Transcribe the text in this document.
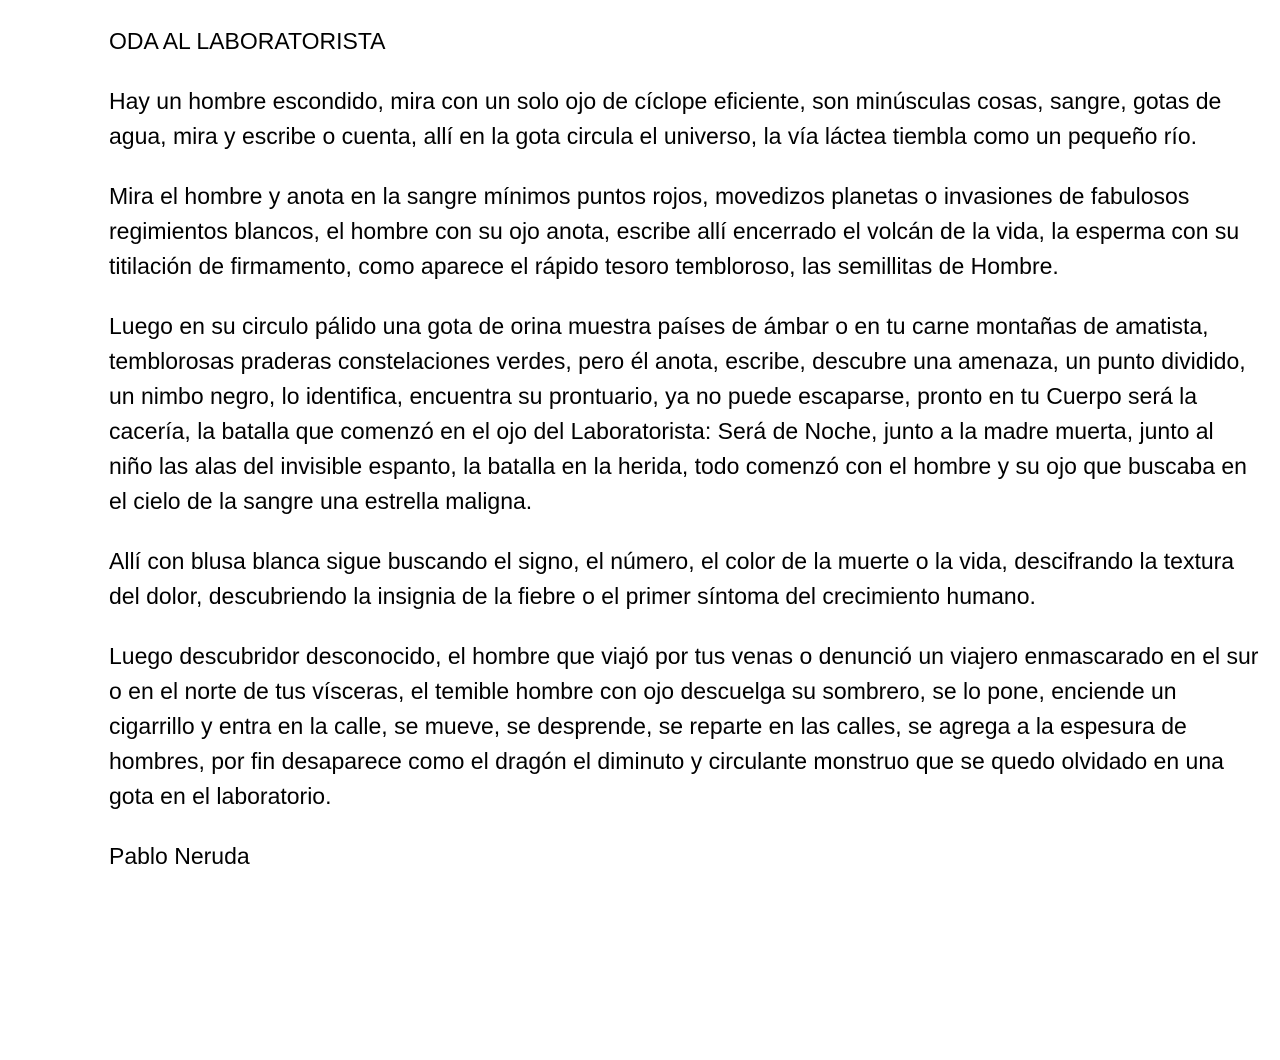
ODA AL LABORATORISTA

Hay un hombre escondido, mira con un solo ojo de cíclope eficiente, son minúsculas cosas, sangre, gotas de agua, mira y escribe o cuenta, allí en la gota circula el universo, la vía láctea tiembla como un pequeño río.

Mira el hombre y anota en la sangre mínimos puntos rojos, movedizos planetas o invasiones de fabulosos regimientos blancos, el hombre con su ojo anota, escribe allí encerrado el volcán de la vida, la esperma con su titilación de firmamento, como aparece el rápido tesoro tembloroso, las semillitas de Hombre.

Luego en su circulo pálido una gota de orina muestra países de ámbar o en tu carne montañas de amatista, temblorosas praderas constelaciones verdes, pero él anota, escribe, descubre una amenaza, un punto dividido, un nimbo negro, lo identifica, encuentra su prontuario, ya no puede escaparse, pronto en tu Cuerpo será la cacería, la batalla que comenzó en el ojo del Laboratorista: Será de Noche, junto a la madre muerta, junto al niño las alas del invisible espanto, la batalla en la herida, todo comenzó con el hombre y su ojo que buscaba en el cielo de la sangre una estrella maligna.

Allí con blusa blanca sigue buscando el signo, el número, el color de la muerte o la vida, descifrando la textura del dolor, descubriendo la insignia de la fiebre o el primer síntoma del crecimiento humano.

Luego descubridor desconocido, el hombre que viajó por tus venas o denunció un viajero enmascarado en el sur o en el norte de tus vísceras, el temible hombre con ojo descuelga su sombrero, se lo pone, enciende un cigarrillo y entra en la calle, se mueve, se desprende, se reparte en las calles, se agrega a la espesura de hombres, por fin desaparece como el dragón el diminuto y circulante monstruo que se quedo olvidado en una gota en el laboratorio.

Pablo Neruda
